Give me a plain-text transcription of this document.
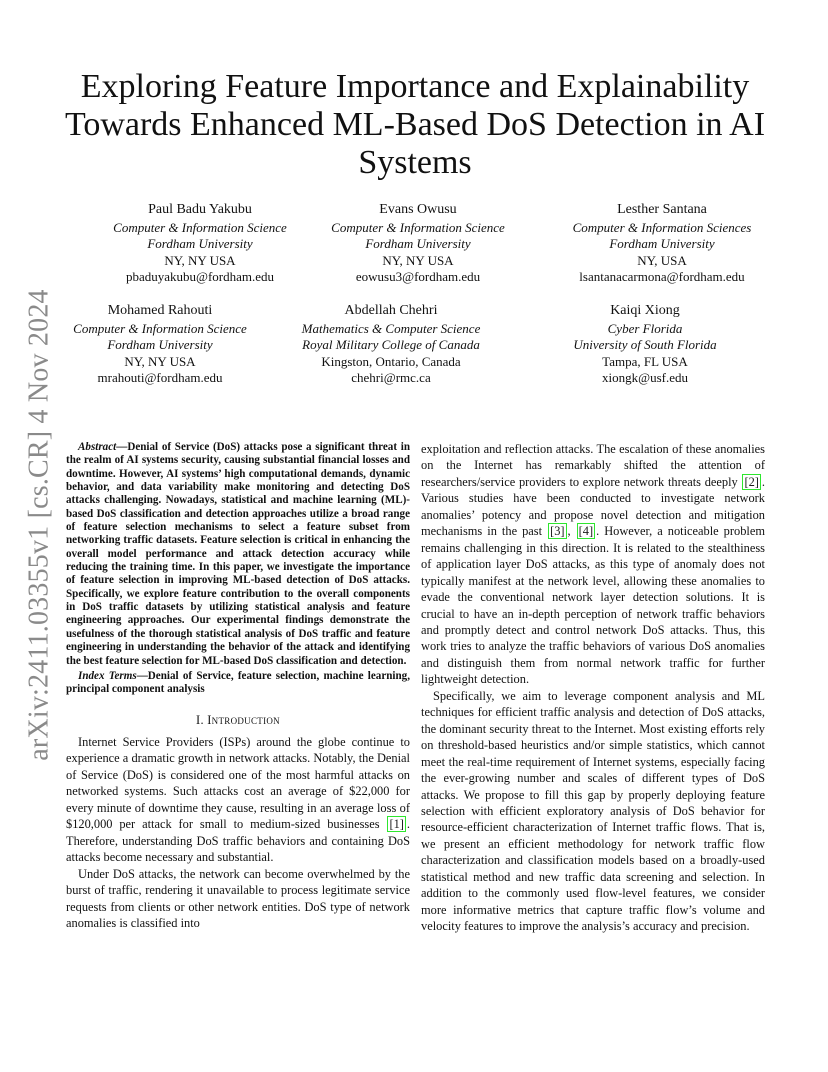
arXiv:2411.03355v1 [cs.CR] 4 Nov 2024
Exploring Feature Importance and Explainability Towards Enhanced ML-Based DoS Detection in AI Systems
Paul Badu Yakubu
Computer & Information Science
Fordham University
NY, NY USA
pbaduyakubu@fordham.edu
Evans Owusu
Computer & Information Science
Fordham University
NY, NY USA
eowusu3@fordham.edu
Lesther Santana
Computer & Information Sciences
Fordham University
NY, USA
lsantanacarmona@fordham.edu
Mohamed Rahouti
Computer & Information Science
Fordham University
NY, NY USA
mrahouti@fordham.edu
Abdellah Chehri
Mathematics & Computer Science
Royal Military College of Canada
Kingston, Ontario, Canada
chehri@rmc.ca
Kaiqi Xiong
Cyber Florida
University of South Florida
Tampa, FL USA
xiongk@usf.edu

Abstract—Denial of Service (DoS) attacks pose a significant threat in the realm of AI systems security, causing substantial financial losses and downtime. However, AI systems’ high computational demands, dynamic behavior, and data variability make monitoring and detecting DoS attacks challenging. Nowadays, statistical and machine learning (ML)-based DoS classification and detection approaches utilize a broad range of feature selection mechanisms to select a feature subset from networking traffic datasets. Feature selection is critical in enhancing the overall model performance and attack detection accuracy while reducing the training time. In this paper, we investigate the importance of feature selection in improving ML-based detection of DoS attacks. Specifically, we explore feature contribution to the overall components in DoS traffic datasets by utilizing statistical analysis and feature engineering approaches. Our experimental findings demonstrate the usefulness of the thorough statistical analysis of DoS traffic and feature engineering in understanding the behavior of the attack and identifying the best feature selection for ML-based DoS classification and detection.

Index Terms—Denial of Service, feature selection, machine learning, principal component analysis

I. Introduction

Internet Service Providers (ISPs) around the globe continue to experience a dramatic growth in network attacks. Notably, the Denial of Service (DoS) is considered one of the most harmful attacks on networked systems. Such attacks cost an average of $22,000 for every minute of downtime they cause, resulting in an average loss of $120,000 per attack for small to medium-sized businesses [1] . Therefore, understanding DoS traffic behaviors and containing DoS attacks become necessary and substantial.

Under DoS attacks, the network can become overwhelmed by the burst of traffic, rendering it unavailable to process legitimate service requests from clients or other network entities. DoS type of network anomalies is classified into

exploitation and reflection attacks. The escalation of these anomalies on the Internet has remarkably shifted the attention of researchers/service providers to explore network threats deeply [2] . Various studies have been conducted to investigate network anomalies’ potency and propose novel detection and mitigation mechanisms in the past [3] , [4] . However, a noticeable problem remains challenging in this direction. It is related to the stealthiness of application layer DoS attacks, as this type of anomaly does not typically manifest at the network level, allowing these anomalies to evade the conventional network layer detection solutions. It is crucial to have an in-depth perception of network traffic behaviors and promptly detect and control network DoS attacks. Thus, this work tries to analyze the traffic behaviors of various DoS anomalies and distinguish them from normal network traffic for further lightweight detection.

Specifically, we aim to leverage component analysis and ML techniques for efficient traffic analysis and detection of DoS attacks, the dominant security threat to the Internet. Most existing efforts rely on threshold-based heuristics and/or simple statistics, which cannot meet the real-time requirement of Internet systems, especially facing the ever-growing number and scales of different types of DoS attacks. We propose to fill this gap by properly deploying feature selection with efficient exploratory analysis of DoS behavior for resource-efficient characterization of Internet traffic flows. That is, we present an efficient methodology for network traffic flow characterization and classification models based on a broadly-used statistical method and new traffic data screening and selection. In addition to the commonly used flow-level features, we consider more informative metrics that capture traffic flow’s volume and velocity features to improve the analysis’s accuracy and precision.
